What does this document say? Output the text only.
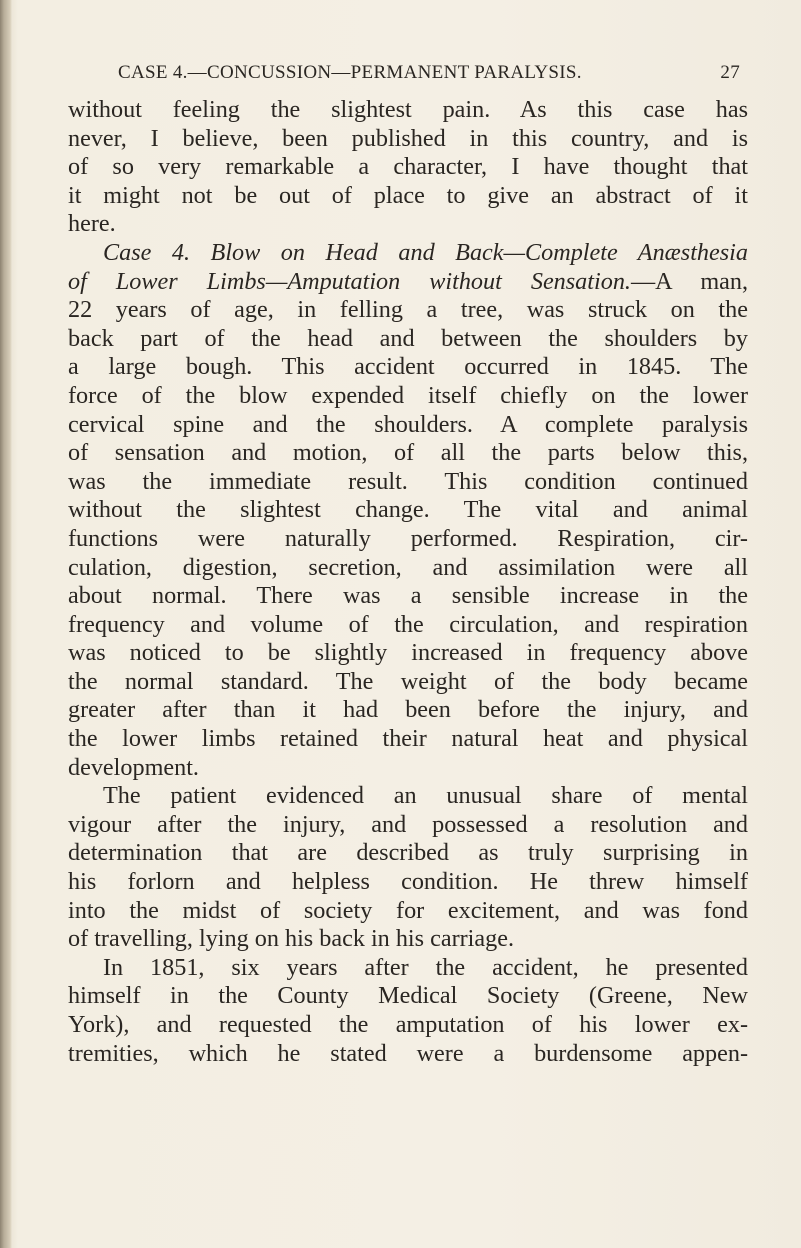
CASE 4.—CONCUSSION—PERMANENT PARALYSIS.	27
without feeling the slightest pain. As this case has
never, I believe, been published in this country, and is
of so very remarkable a character, I have thought that
it might not be out of place to give an abstract of it
here.
Case 4. Blow on Head and Back—Complete Anæsthesia
of Lower Limbs—Amputation without Sensation.—A man,
22 years of age, in felling a tree, was struck on the
back part of the head and between the shoulders by
a large bough. This accident occurred in 1845. The
force of the blow expended itself chiefly on the lower
cervical spine and the shoulders. A complete paralysis
of sensation and motion, of all the parts below this,
was the immediate result. This condition continued
without the slightest change. The vital and animal
functions were naturally performed. Respiration, cir-
culation, digestion, secretion, and assimilation were all
about normal. There was a sensible increase in the
frequency and volume of the circulation, and respiration
was noticed to be slightly increased in frequency above
the normal standard. The weight of the body became
greater after than it had been before the injury, and
the lower limbs retained their natural heat and physical
development.
The patient evidenced an unusual share of mental
vigour after the injury, and possessed a resolution and
determination that are described as truly surprising in
his forlorn and helpless condition. He threw himself
into the midst of society for excitement, and was fond
of travelling, lying on his back in his carriage.
In 1851, six years after the accident, he presented
himself in the County Medical Society (Greene, New
York), and requested the amputation of his lower ex-
tremities, which he stated were a burdensome appen-
